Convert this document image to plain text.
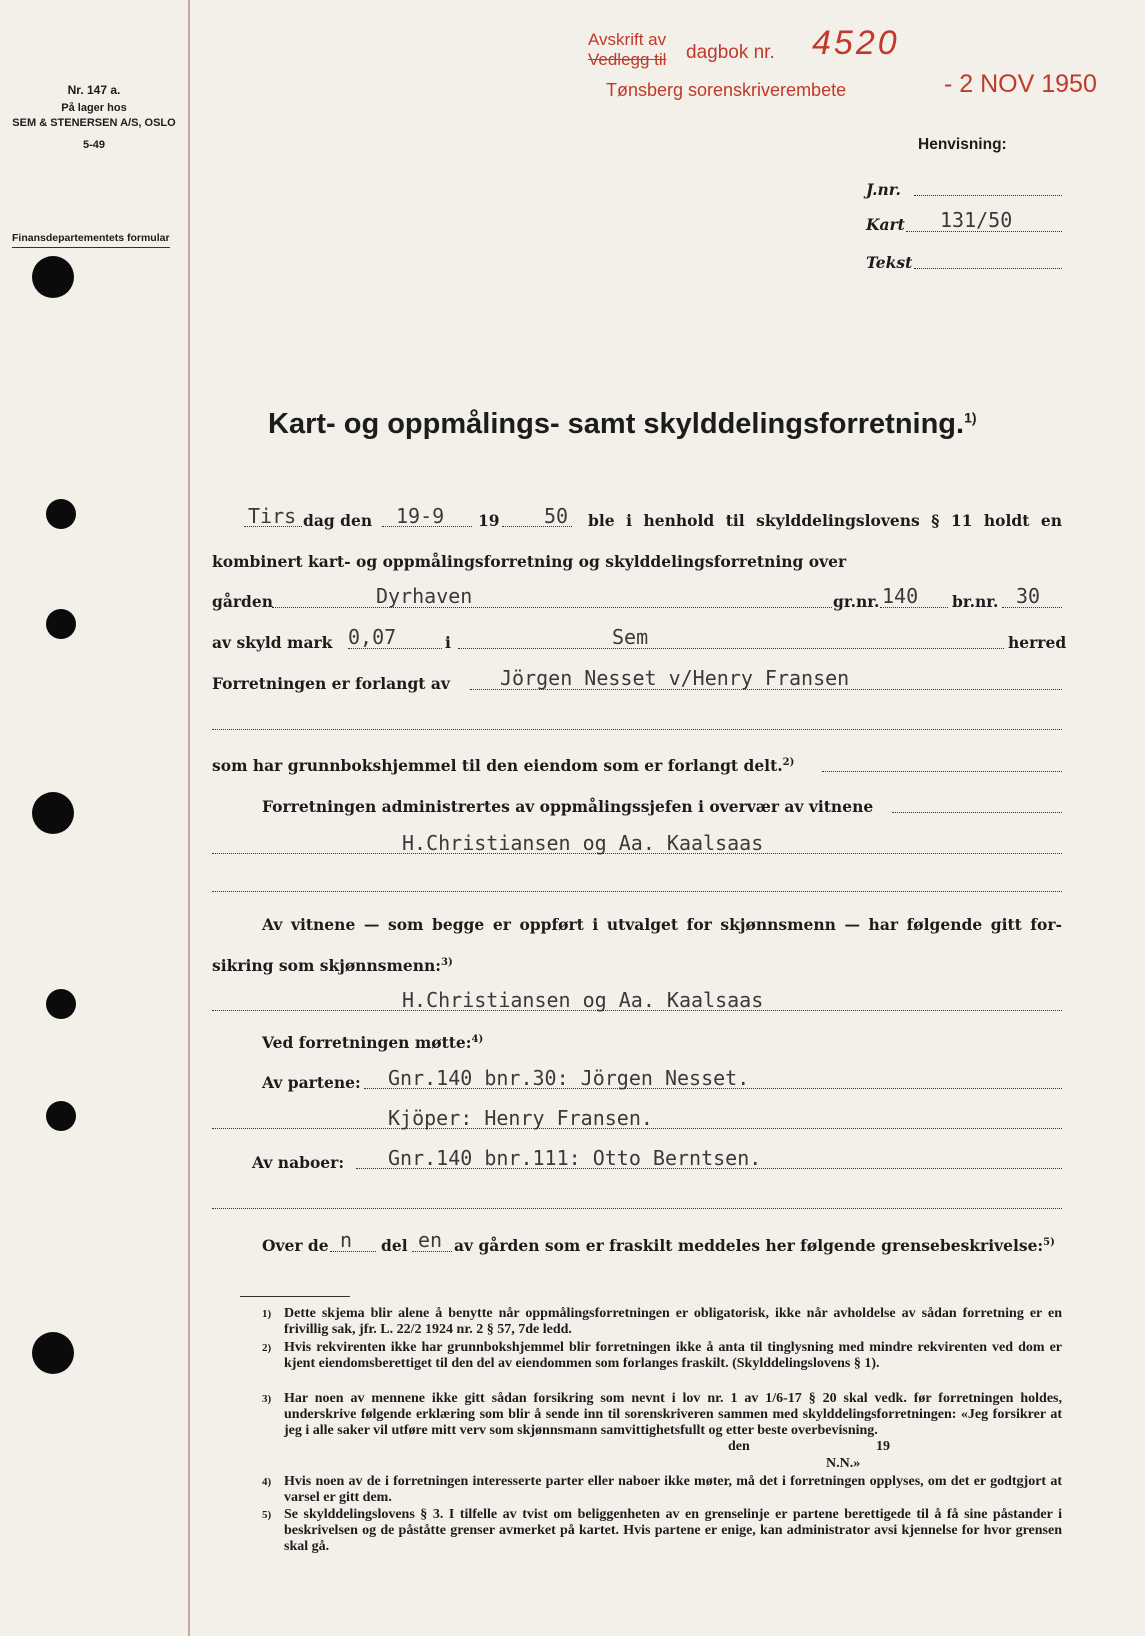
Nr. 147 a.
På lager hos
SEM & STENERSEN A/S, OSLO
5-49
Finansdepartementets formular
Avskrift av
Vedlegg til dagbok nr. 4520
Tønsberg sorenskriverembete	- 2 NOV 1950
Henvisning:
J.nr.
Kart 131/50
Tekst
Kart- og oppmålings- samt skylddelingsforretning.$^{1)}$
Tirs dag den 19-9 19 50 ble i henhold til skylddelingslovens § 11 holdt en
kombinert kart- og oppmålingsforretning og skylddelingsforretning over
gården	Dyrhaven	gr.nr. 140 br.nr. 30
av skyld mark 0,07	i	Sem	herred
Forretningen er forlangt av	Jörgen Nesset v/Henry Fransen
som har grunnbokshjemmel til den eiendom som er forlangt delt.$^{2)}$
Forretningen administrertes av oppmålingssjefen i overvær av vitnene
H.Christiansen og Aa. Kaalsaas
Av vitnene — som begge er oppført i utvalget for skjønnsmenn — har følgende gitt for-
sikring som skjønnsmenn:$^{3)}$
H.Christiansen og Aa. Kaalsaas
Ved forretningen møtte:$^{4)}$
Av partene: Gnr.140 bnr.30: Jörgen Nesset.
Kjöper: Henry Fransen.
Av naboer: Gnr.140 bnr.111: Otto Berntsen.
Over de n del en av gården som er fraskilt meddeles her følgende grensebeskrivelse:$^{5)}$
1) Dette skjema blir alene å benytte når oppmålingsforretningen er obligatorisk, ikke når avholdelse av sådan forretning er en frivillig sak, jfr. L. 22/2 1924 nr. 2 § 57, 7de ledd.
2) Hvis rekvirenten ikke har grunnbokshjemmel blir forretningen ikke å anta til tinglysning med mindre rekvirenten ved dom er kjent eiendomsberettiget til den del av eiendommen som forlanges fraskilt. (Skylddelingslovens § 1).
3) Har noen av mennene ikke gitt sådan forsikring som nevnt i lov nr. 1 av 1/6-17 § 20 skal vedk. før forretningen holdes, underskrive følgende erklæring som blir å sende inn til sorenskriveren sammen med skylddelingsforretningen: «Jeg forsikrer at jeg i alle saker vil utføre mitt verv som skjønnsmann samvittighetsfullt og etter beste overbevisning.
den	19
N.N.»
4) Hvis noen av de i forretningen interesserte parter eller naboer ikke møter, må det i forretningen opplyses, om det er godtgjort at varsel er gitt dem.
5) Se skylddelingslovens § 3. I tilfelle av tvist om beliggenheten av en grenselinje er partene berettigede til å få sine påstander i beskrivelsen og de påståtte grenser avmerket på kartet. Hvis partene er enige, kan administrator avsi kjennelse for hvor grensen skal gå.
